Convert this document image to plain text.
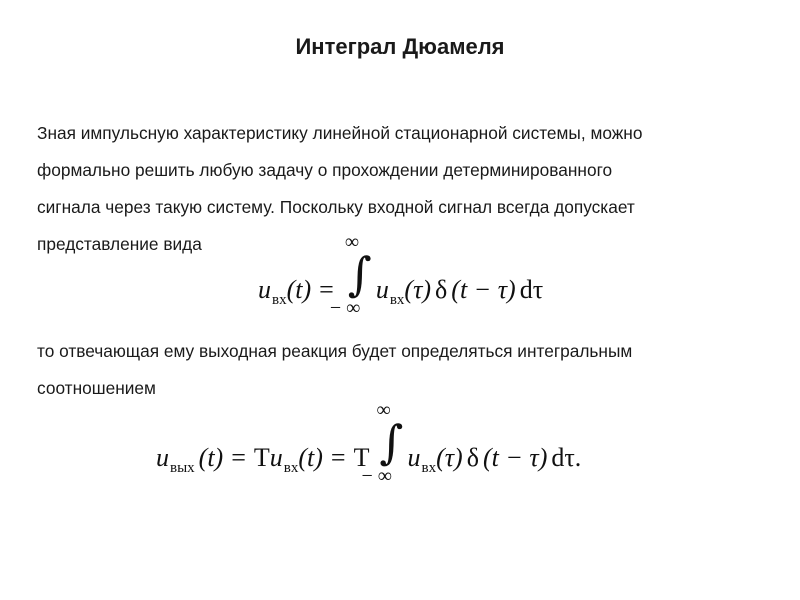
Интеграл Дюамеля
Зная импульсную характеристику линейной стационарной системы, можно
формально решить любую задачу о прохождении детерминированного
сигнала через такую систему. Поскольку входной сигнал всегда допускает
представление вида
$u_{вх}(t)$ =
∞
∫
− ∞
$u_{вх}(\tau)$ δ (t − τ) dτ
то отвечающая ему выходная реакция будет определяться интегральным
соотношением
$u_{вых}$ $(t) = Tu_{вх}(t) = T$
∞
∫
− ∞
$u_{вх}(\tau)$ δ (t − τ) dτ.
